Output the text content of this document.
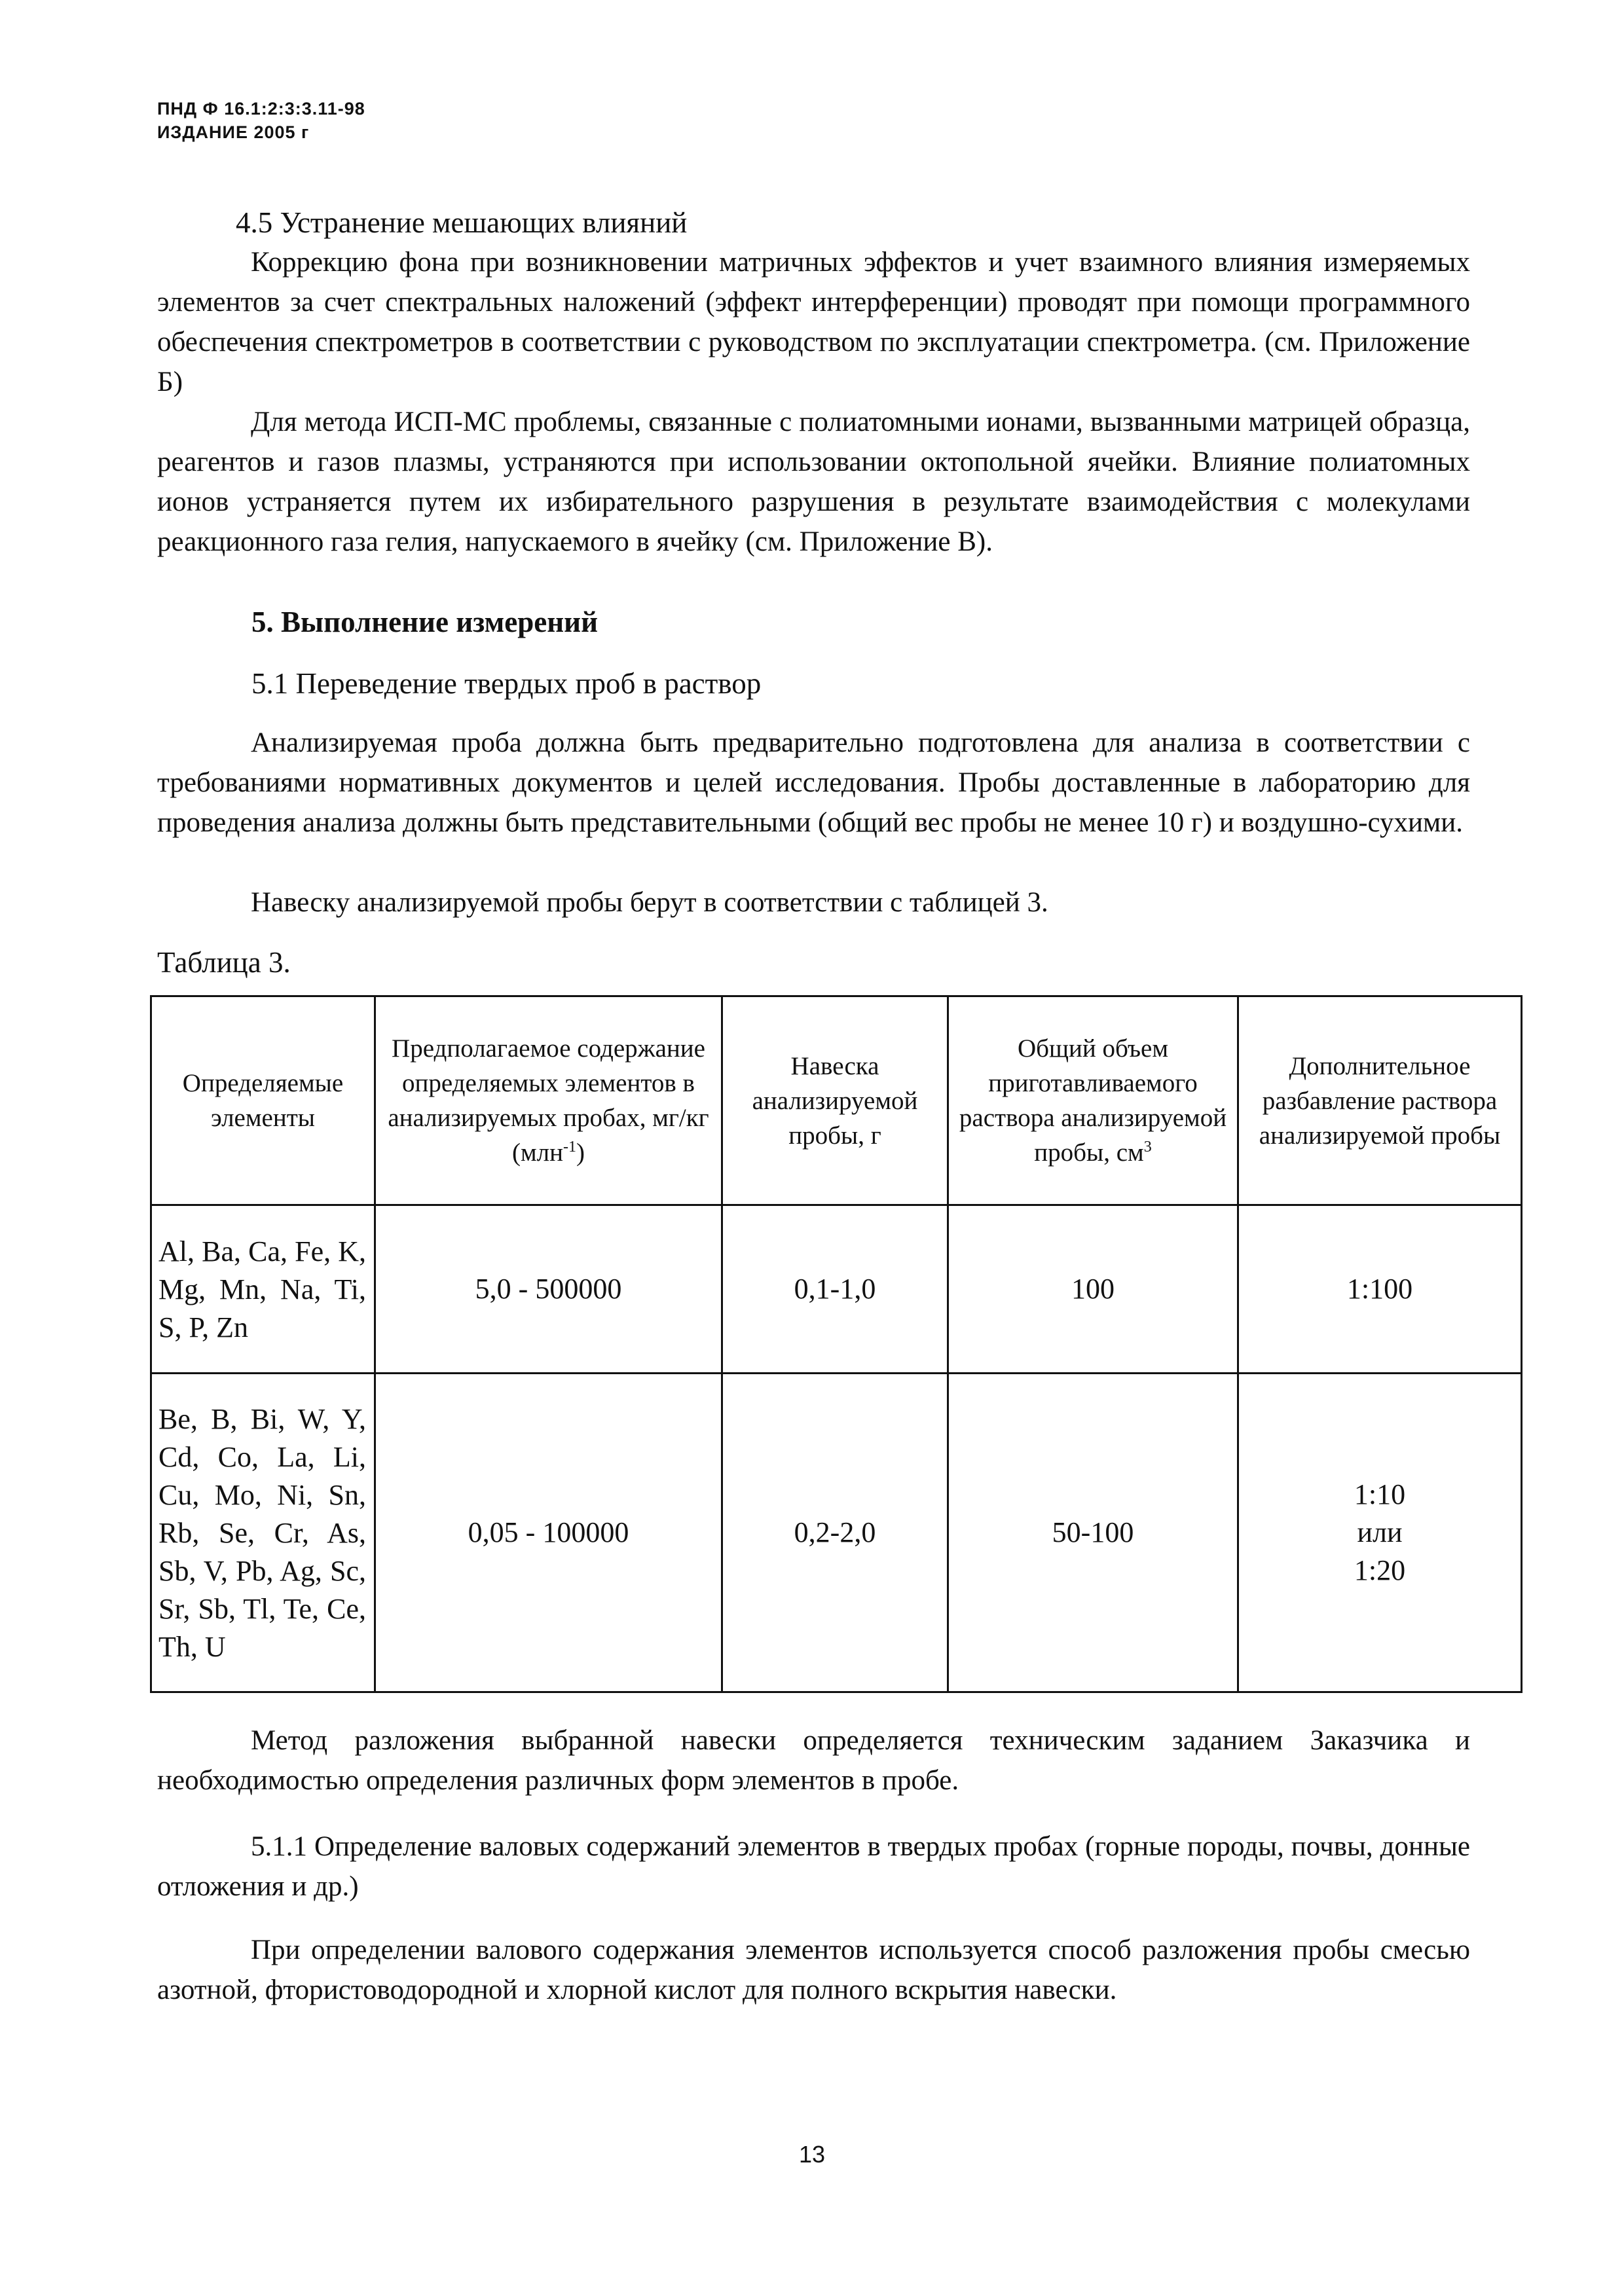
ПНД Ф 16.1:2:3:3.11-98
ИЗДАНИЕ 2005 г

4.5 Устранение мешающих влияний

Коррекцию фона при возникновении матричных эффектов и учет взаимного влияния измеряемых элементов за счет спектральных наложений (эффект интерференции) проводят при помощи программного обеспечения спектрометров в соответствии с руководством по эксплуатации спектрометра. (см. Приложение Б)

Для метода ИСП-МС проблемы, связанные с полиатомными ионами, вызванными матрицей образца, реагентов и газов плазмы, устраняются при использовании октопольной ячейки. Влияние полиатомных ионов устраняется путем их избирательного разрушения в результате взаимодействия с молекулами реакционного газа гелия, напускаемого в ячейку (см. Приложение В).

5. Выполнение измерений

5.1 Переведение твердых проб в раствор

Анализируемая проба должна быть предварительно подготовлена для анализа в соответствии с требованиями нормативных документов и целей исследования. Пробы доставленные в лабораторию для проведения анализа должны быть представительными (общий вес пробы не менее 10 г) и воздушно-сухими.

Навеску анализируемой пробы берут в соответствии с таблицей 3.

Таблица 3.

Определяемые элементы	Предполагаемое содержание определяемых элементов в анализируемых пробах, мг/кг (млн$^{-1}$)	Навеска анализируемой пробы, г	Общий объем приготавливаемого раствора анализируемой пробы, $см^3$	Дополнительное разбавление раствора анализируемой пробы
Al, Ba, Ca, Fe, K, Mg, Mn, Na, Ti, S, P, Zn	5,0 - 500000	0,1-1,0	100	1:100

Be, B, Bi, W, Y, Cd, Co, La, Li, Cu, Mo, Ni, Sn, Rb, Se, Cr, As, Sb, V, Pb, Ag, Sc, Sr, Sb, Tl, Te, Ce, Th, U	0,05 - 100000	0,2-2,0	50-100	1:10
или
1:20

Метод разложения выбранной навески определяется техническим заданием Заказчика и необходимостью определения различных форм элементов в пробе.

5.1.1 Определение валовых содержаний элементов в твердых пробах (горные породы, почвы, донные отложения и др.)

При определении валового содержания элементов используется способ разложения пробы смесью азотной, фтористоводородной и хлорной кислот для полного вскрытия навески.

13
